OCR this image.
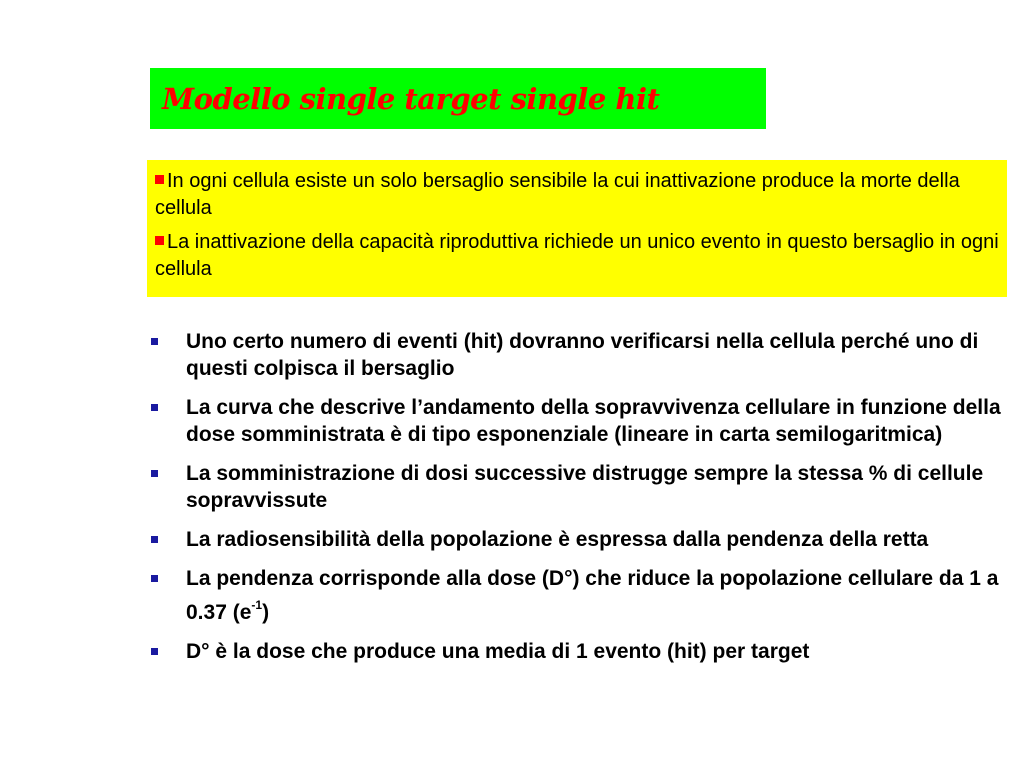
Modello single target single hit

In ogni cellula esiste un solo bersaglio sensibile la cui inattivazione produce la morte della cellula

La inattivazione della capacità riproduttiva richiede un unico evento in questo bersaglio in ogni cellula

Uno certo numero di eventi (hit) dovranno verificarsi nella cellula perché uno di questi colpisca il bersaglio
La curva che descrive l’andamento della sopravvivenza cellulare in funzione della dose somministrata è di tipo esponenziale (lineare in carta semilogaritmica)
La somministrazione di dosi successive distrugge sempre la stessa % di cellule sopravvissute
La radiosensibilità della popolazione è espressa dalla pendenza della retta
La pendenza corrisponde alla dose (D°) che riduce la popolazione cellulare da 1 a 0.37 $(e^{-1})$
D° è la dose che produce una media di 1 evento (hit) per target
